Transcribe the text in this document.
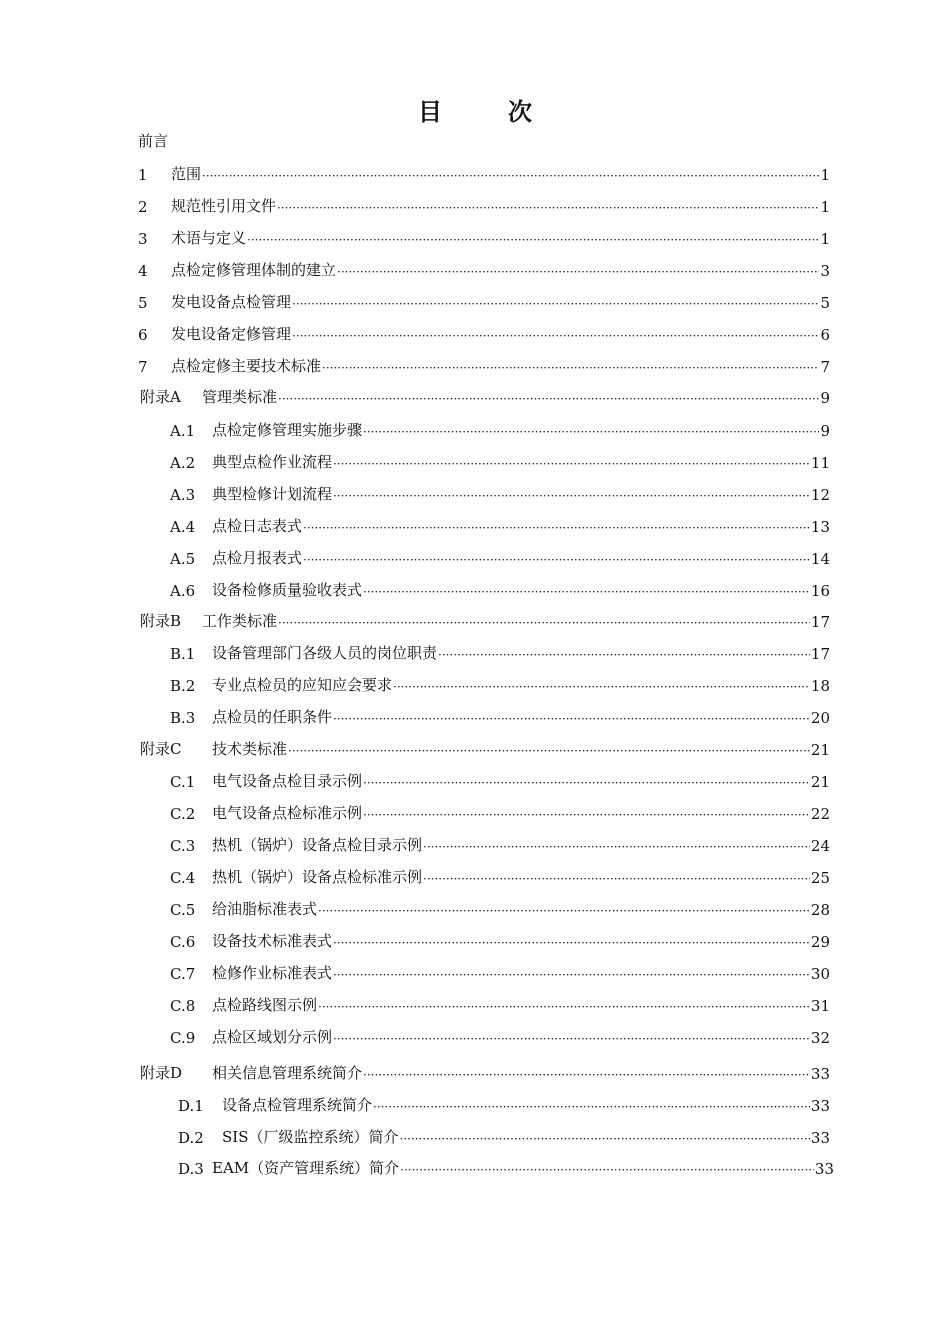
目	次
前言
1	范围 ·····	1
2	规范性引用文件 ·····	1
3	术语与定义 ·····	1
4	点检定修管理体制的建立 ·····	3
5	发电设备点检管理 ·····	5
6	发电设备定修管理 ·····	6
7	点检定修主要技术标准 ·····	7
附录A	管理类标准 ·····	9
A.1	点检定修管理实施步骤 ·····	9
A.2	典型点检作业流程 ·····	11
A.3	典型检修计划流程 ·····	12
A.4	点检日志表式 ·····	13
A.5	点检月报表式 ·····	14
A.6	设备检修质量验收表式 ·····	16
附录B	工作类标准 ·····	17
B.1	设备管理部门各级人员的岗位职责 ·····	17
B.2	专业点检员的应知应会要求 ·····	18
B.3	点检员的任职条件 ·····	20
附录C	技术类标准 ·····	21
C.1	电气设备点检目录示例 ·····	21
C.2	电气设备点检标准示例 ·····	22
C.3	热机（锅炉）设备点检目录示例 ·····	24
C.4	热机（锅炉）设备点检标准示例 ·····	25
C.5	给油脂标准表式 ·····	28
C.6	设备技术标准表式 ·····	29
C.7	检修作业标准表式 ·····	30
C.8	点检路线图示例 ·····	31
C.9	点检区域划分示例 ·····	32
附录D	相关信息管理系统简介 ·····	33
D.1	设备点检管理系统简介 ·····	33
D.2	SIS（厂级监控系统）简介 ·····	33
D.3 EAM（资产管理系统）简介 ·····	33
